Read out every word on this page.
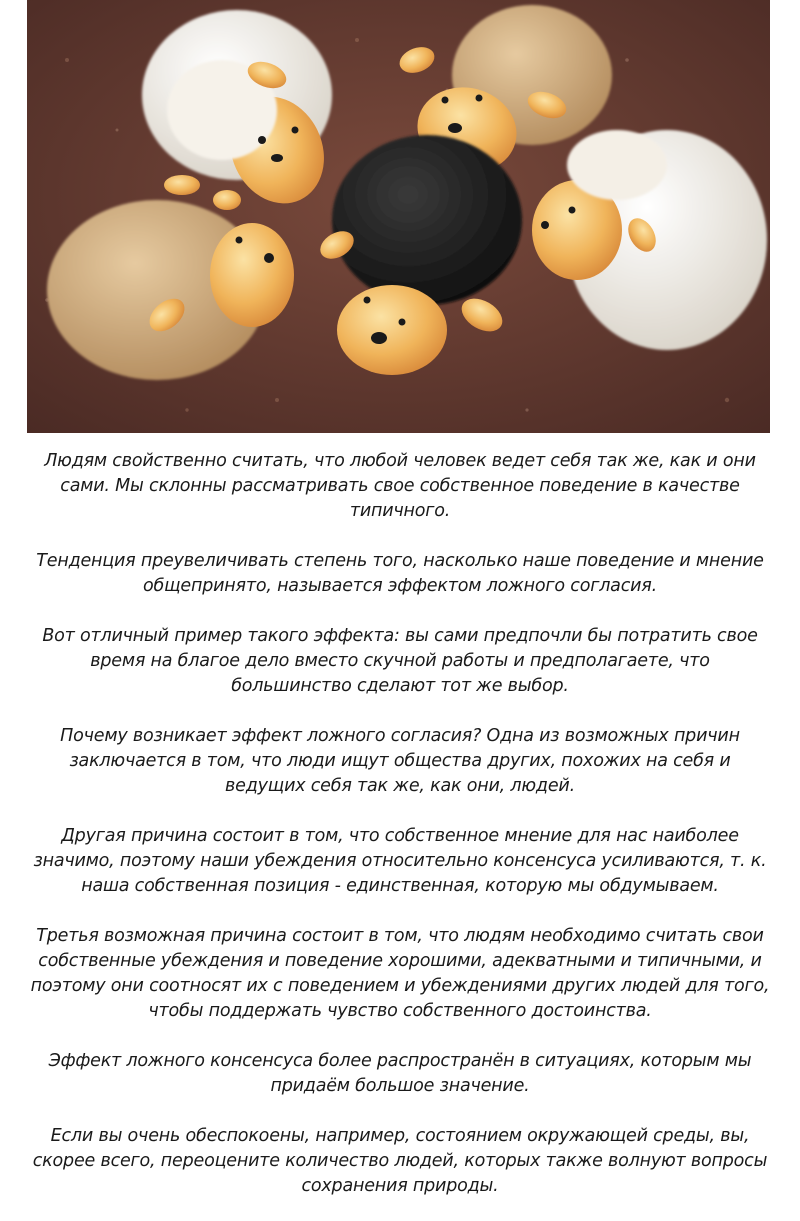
Людям свойственно считать, что любой человек ведет себя так же, как и они сами. Мы склонны рассматривать свое собственное поведение в качестве типичного.

Тенденция преувеличивать степень того, насколько наше поведение и мнение общепринято, называется эффектом ложного согласия.

Вот отличный пример такого эффекта: вы сами предпочли бы потратить свое время на благое дело вместо скучной работы и предполагаете, что большинство сделают тот же выбор.

Почему возникает эффект ложного согласия? Одна из возможных причин заключается в том, что люди ищут общества других, похожих на себя и ведущих себя так же, как они, людей.

Другая причина состоит в том, что собственное мнение для нас наиболее значимо, поэтому наши убеждения относительно консенсуса усиливаются, т. к. наша собственная позиция - единственная, которую мы обдумываем.

Третья возможная причина состоит в том, что людям необходимо считать свои собственные убеждения и поведение хорошими, адекватными и типичными, и поэтому они соотносят их с поведением и убеждениями других людей для того, чтобы поддержать чувство собственного достоинства.

Эффект ложного консенсуса более распространён в ситуациях, которым мы придаём большое значение.

Если вы очень обеспокоены, например, состоянием окружающей среды, вы, скорее всего, переоцените количество людей, которых также волнуют вопросы сохранения природы.
